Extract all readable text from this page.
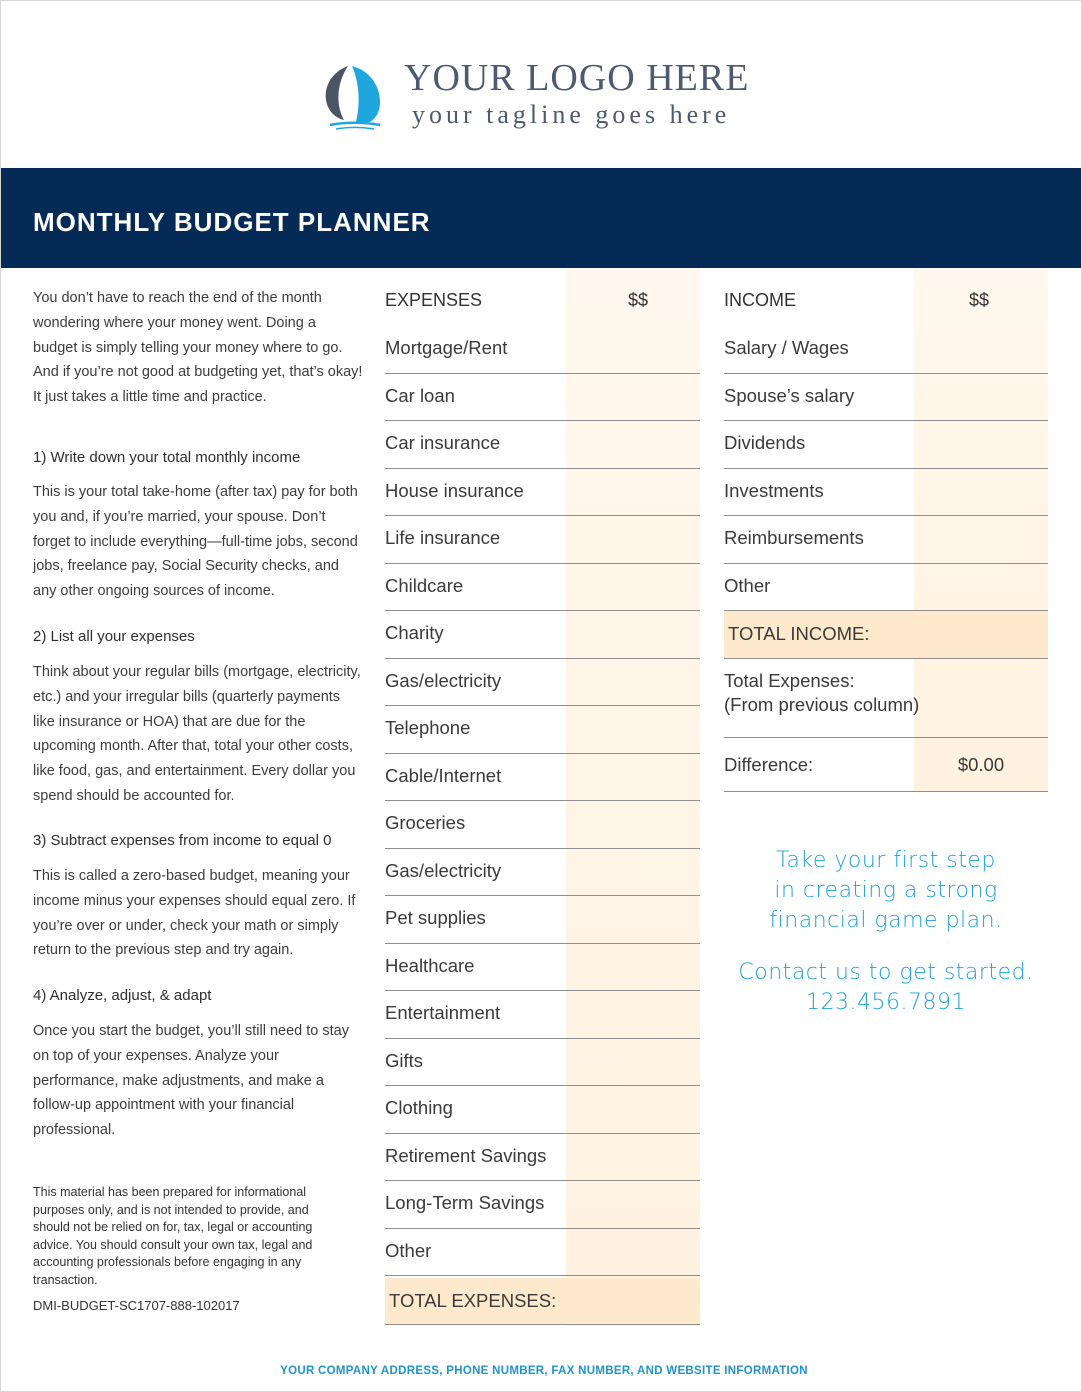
YOUR LOGO HERE
your tagline goes here
MONTHLY BUDGET PLANNER
You don’t have to reach the end of the month wondering where your money went. Doing a budget is simply telling your money where to go. And if you’re not good at budgeting yet, that’s okay! It just takes a little time and practice.
1) Write down your total monthly income
This is your total take-home (after tax) pay for both you and, if you’re married, your spouse. Don’t forget to include everything—full-time jobs, second jobs, freelance pay, Social Security checks, and any other ongoing sources of income.
2) List all your expenses
Think about your regular bills (mortgage, electricity, etc.) and your irregular bills (quarterly payments like insurance or HOA) that are due for the upcoming month. After that, total your other costs, like food, gas, and entertainment. Every dollar you spend should be accounted for.
3) Subtract expenses from income to equal 0
This is called a zero-based budget, meaning your income minus your expenses should equal zero. If you’re over or under, check your math or simply return to the previous step and try again.
4) Analyze, adjust, & adapt
Once you start the budget, you’ll still need to stay on top of your expenses. Analyze your performance, make adjustments, and make a follow-up appointment with your financial professional.
This material has been prepared for informational purposes only, and is not intended to provide, and should not be relied on for, tax, legal or accounting advice. You should consult your own tax, legal and accounting professionals before engaging in any transaction.
DMI-BUDGET-SC1707-888-102017
EXPENSES	$$
Mortgage/Rent
Car loan
Car insurance
House insurance
Life insurance
Childcare
Charity
Gas/electricity
Telephone
Cable/Internet
Groceries
Gas/electricity
Pet supplies
Healthcare
Entertainment
Gifts
Clothing
Retirement Savings
Long-Term Savings
Other
TOTAL EXPENSES:
INCOME	$$
Salary / Wages
Spouse’s salary
Dividends
Investments
Reimbursements
Other
TOTAL INCOME:
Total Expenses:
(From previous column)
Difference:	$0.00
Take your first step
in creating a strong
financial game plan.
Contact us to get started.
123.456.7891
YOUR COMPANY ADDRESS, PHONE NUMBER, FAX NUMBER, AND WEBSITE INFORMATION
